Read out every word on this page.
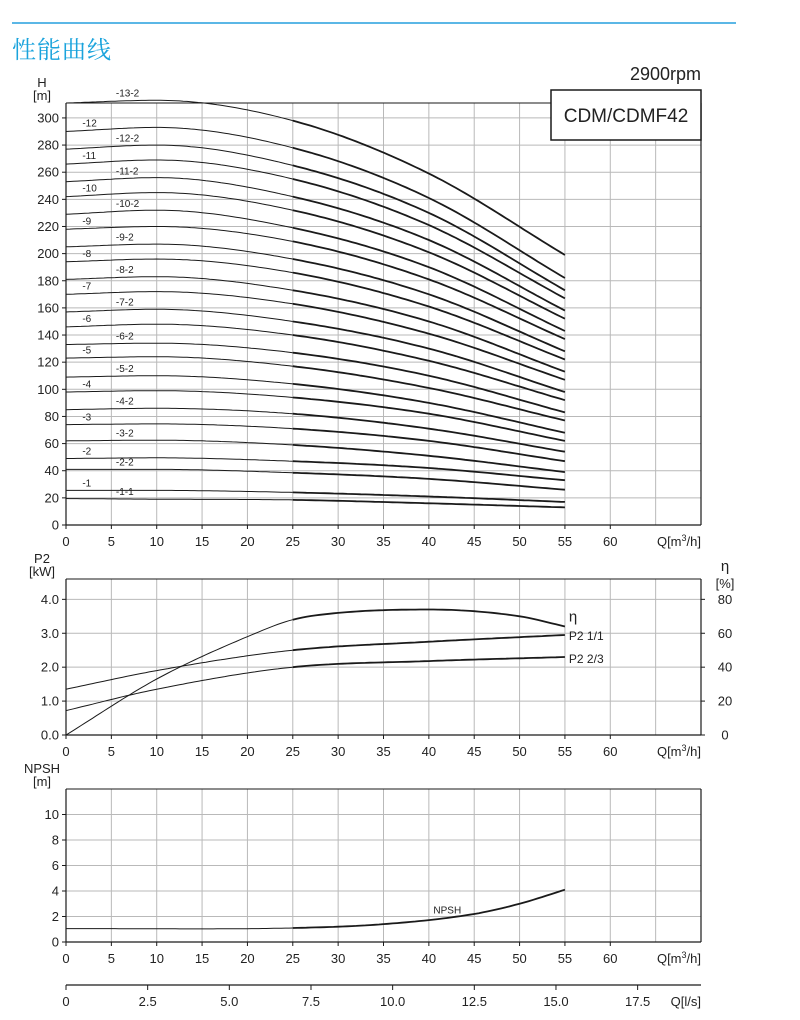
性能曲线
-1-1
-1
-2-2
-2
-3-2
-3
-4-2
-4
-5-2
-5
-6-2
-6
-7-2
-7
-8-2
-8
-9-2
-9
-10-2
-10
-11-2
-11
-12-2
-12
-13-2
0
20
40
60
80
100
120
140
160
180
200
220
240
260
280
300
0	5	10 15 20 25 30 35 40 45 50 55 60	$Q[m^3/h]$
H
[m]
η
P2 1/1
P2 2/3
0.0
1.0
2.0
3.0
4.0
0	5	10 15 20 25 30 35 40 45 50 55 60	$Q[m^3/h]$
P2
[kW]
0
20
40
60
80
η
[%]
NPSH
0
2
4
6
8
10
0	5	10 15 20 25 30 35 40 45 50 55 60	$Q[m^3/h]$
NPSH
[m]
0	2.5	5.0	7.5	10.0	12.5	15.0	17.5 Q[l/s]
2900rpm
CDM/CDMF42
